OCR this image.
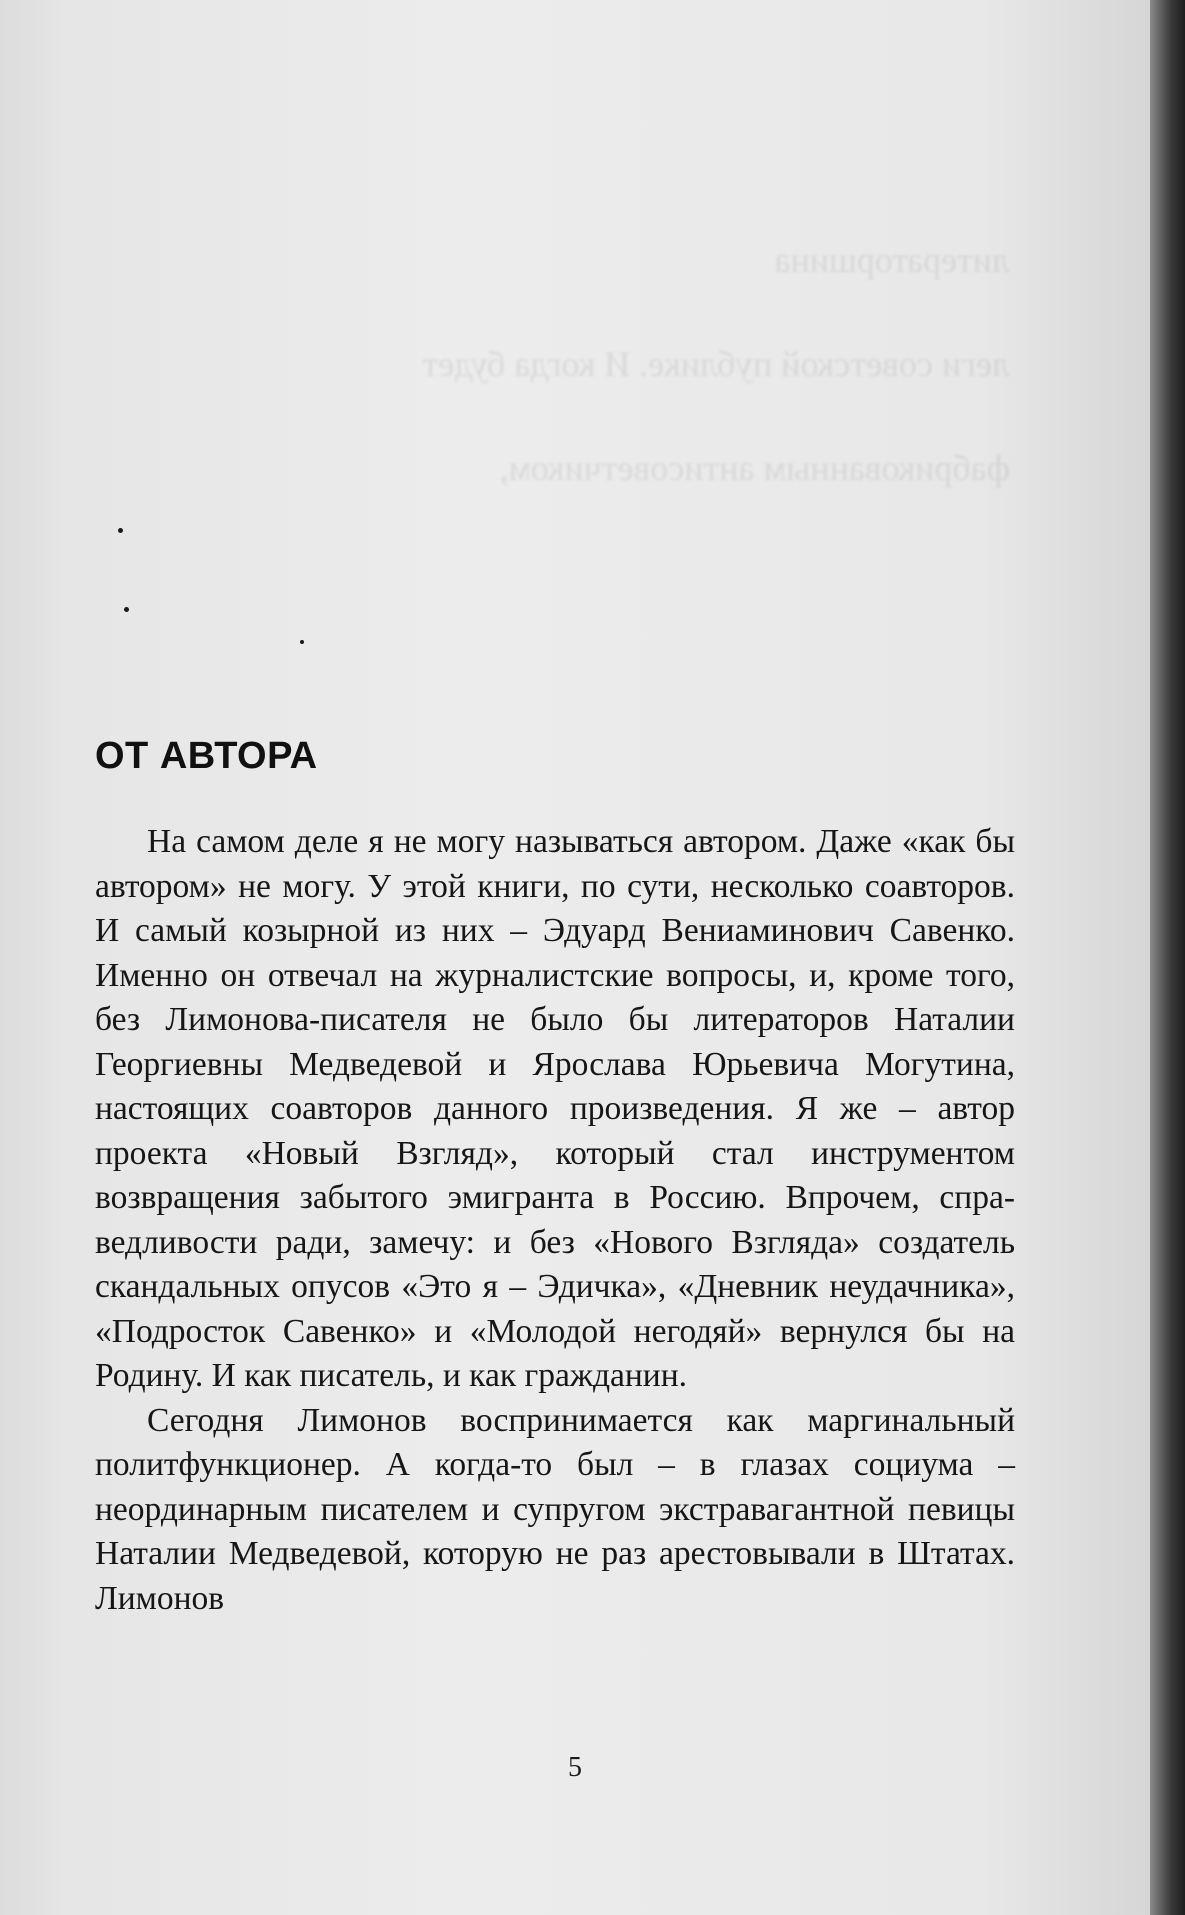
литераторшина

леги советской публике. И когда будет

фабрикованным антисоветчиком,

ОТ АВТОРА

На самом деле я не могу называться автором. Даже «как бы автором» не могу. У этой книги, по сути, несколько соавторов. И самый козырной из них – Эдуард Вениаминович Савенко. Именно он отвечал на журналистские вопросы, и, кроме того, без Лимонова-писателя не было бы литераторов Наталии Георгиевны Медведевой и Ярослава Юрьевича Могутина, настоящих соавторов данного произведения. Я же – автор проекта «Новый Взгляд», который стал инструментом возвращения забытого эмигранта в Россию. Впрочем, справедливости ради, замечу: и без «Нового Взгляда» создатель скандальных опусов «Это я – Эдичка», «Дневник неудачника», «Подросток Савенко» и «Молодой негодяй» вернулся бы на Родину. И как писатель, и как гражданин.

Сегодня Лимонов воспринимается как маргинальный политфункционер. А когда-то был – в глазах социума – неординарным писателем и супругом экстравагантной певицы Наталии Медведевой, которую не раз арестовывали в Штатах. Лимонов

5
